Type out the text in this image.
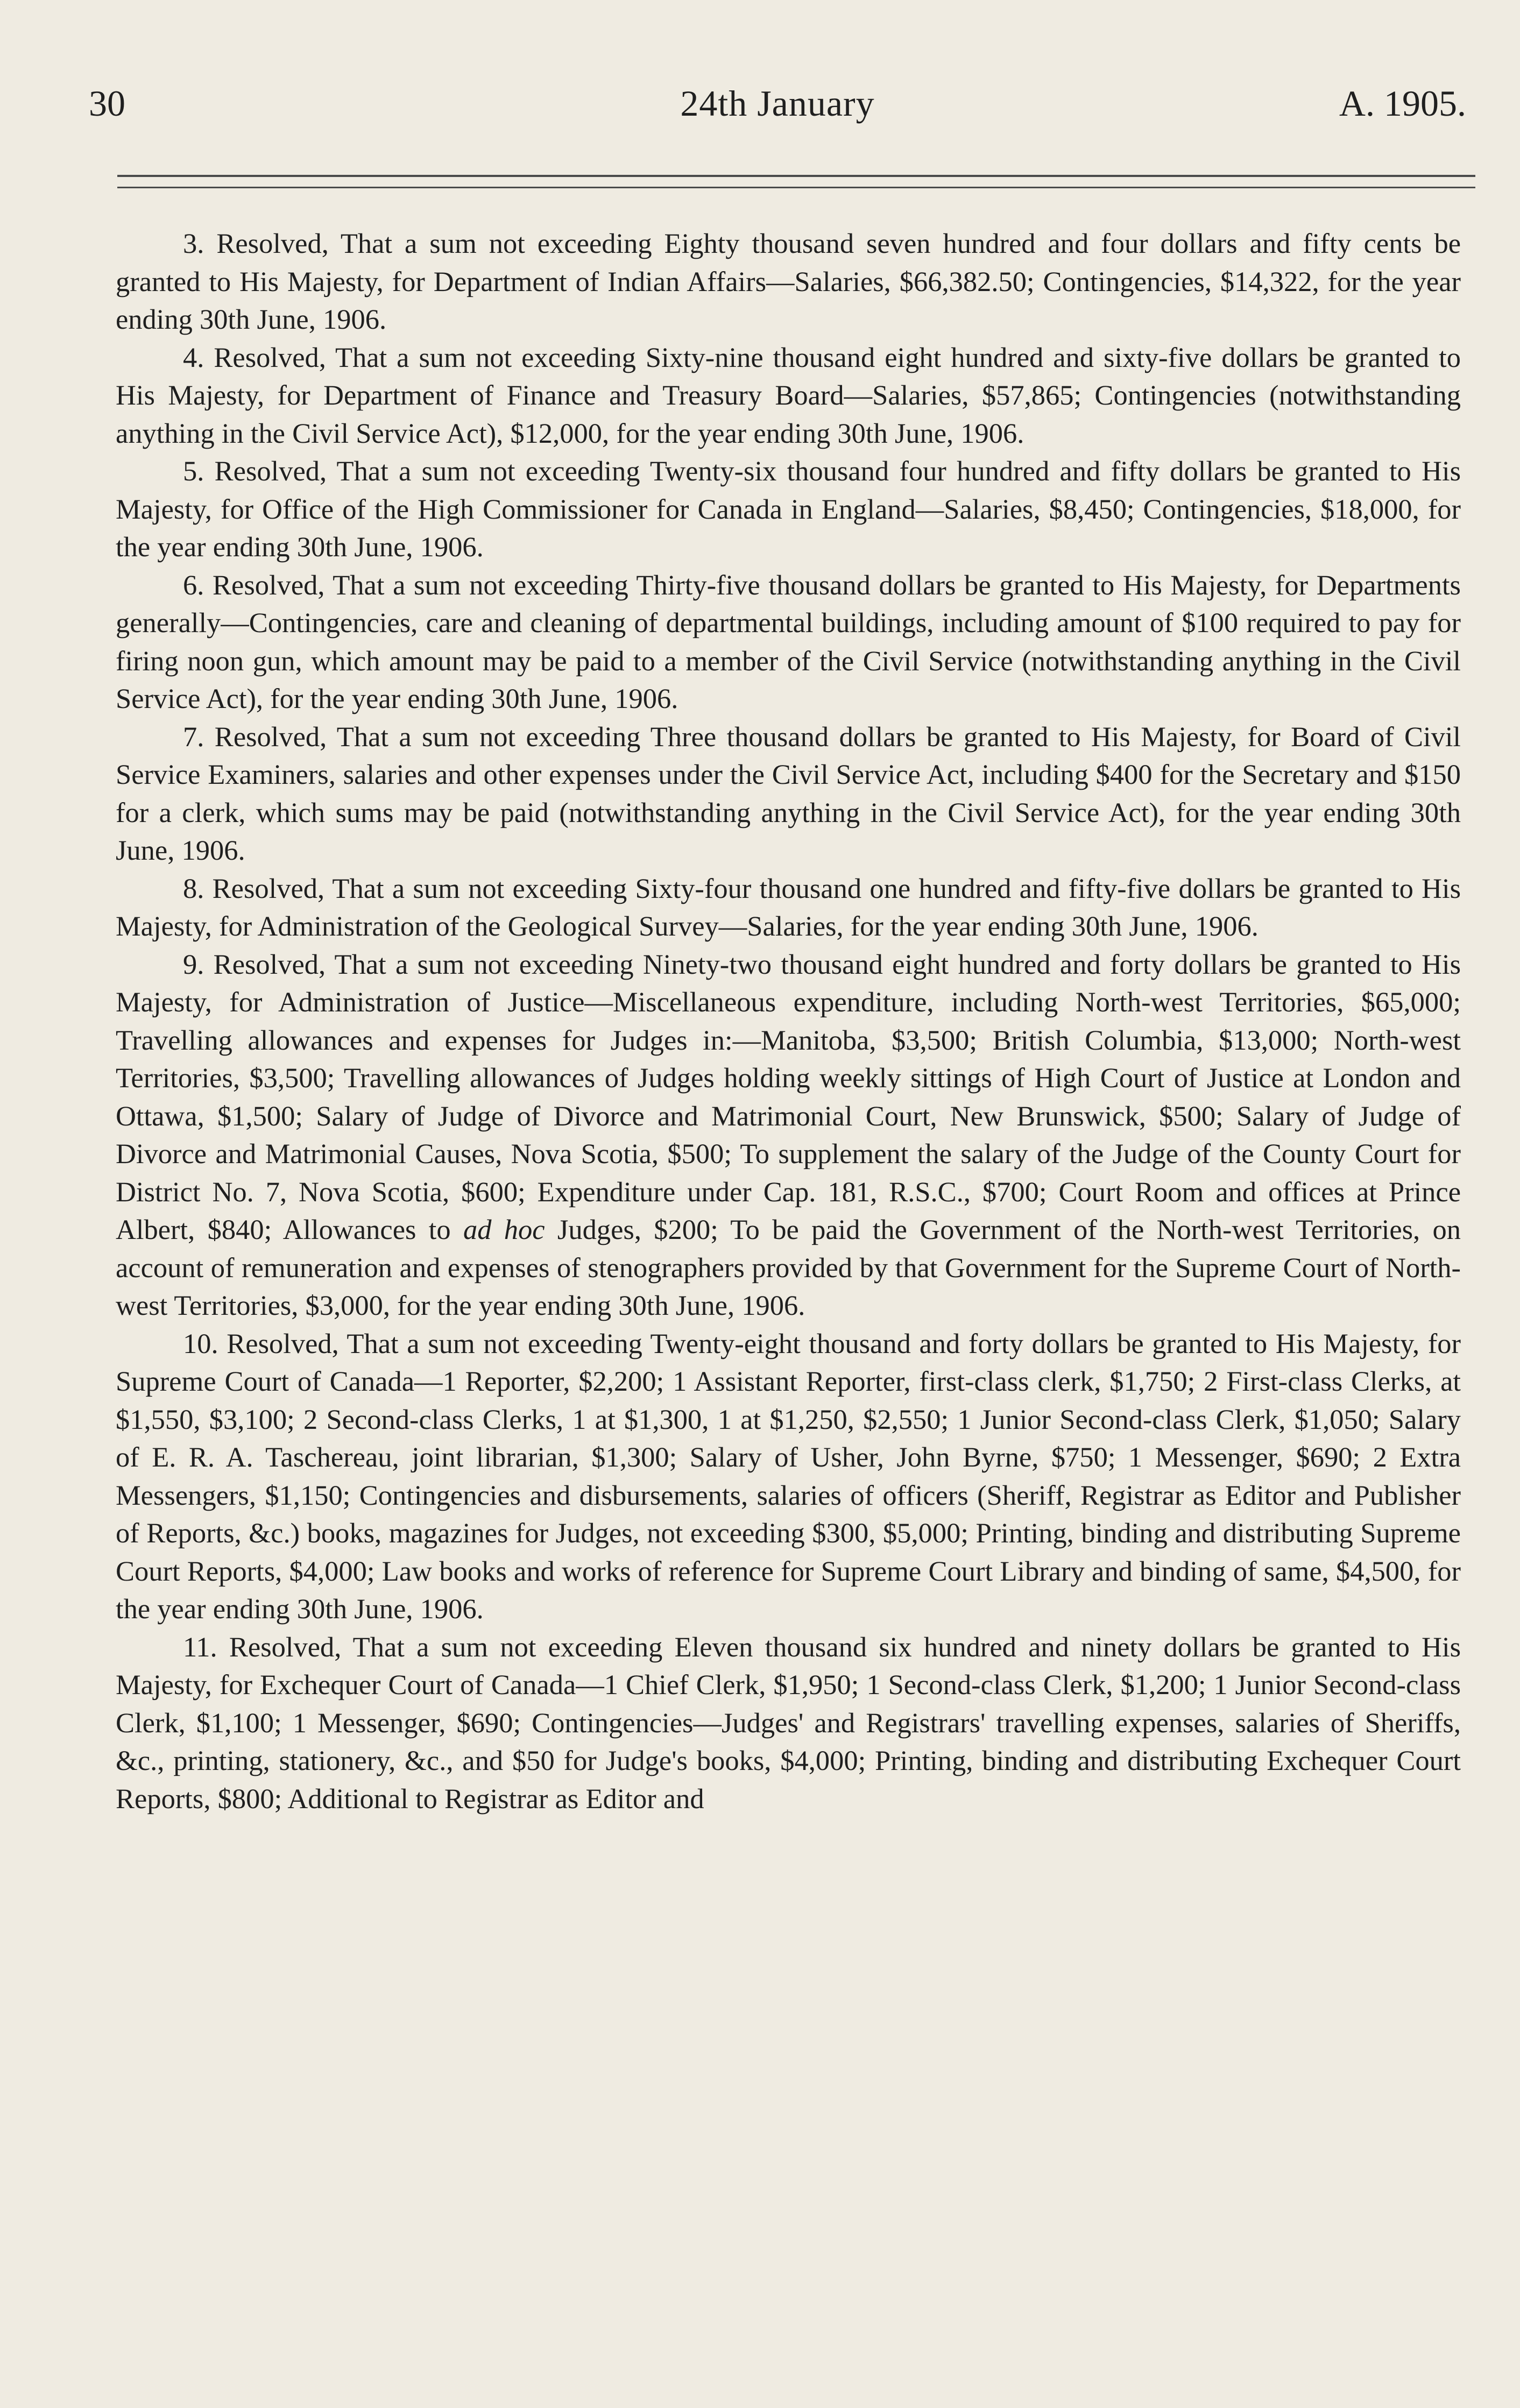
30	24th January	A. 1905.

3. Resolved, That a sum not exceeding Eighty thousand seven hundred and four dollars and fifty cents be granted to His Majesty, for Department of Indian Affairs—Salaries, $66,382.50; Contingencies, $14,322, for the year ending 30th June, 1906.

4. Resolved, That a sum not exceeding Sixty-nine thousand eight hundred and sixty-five dollars be granted to His Majesty, for Department of Finance and Treasury Board—Salaries, $57,865; Contingencies (notwithstanding anything in the Civil Service Act), $12,000, for the year ending 30th June, 1906.

5. Resolved, That a sum not exceeding Twenty-six thousand four hundred and fifty dollars be granted to His Majesty, for Office of the High Commissioner for Canada in England—Salaries, $8,450; Contingencies, $18,000, for the year ending 30th June, 1906.

6. Resolved, That a sum not exceeding Thirty-five thousand dollars be granted to His Majesty, for Departments generally—Contingencies, care and cleaning of departmental buildings, including amount of $100 required to pay for firing noon gun, which amount may be paid to a member of the Civil Service (notwithstanding anything in the Civil Service Act), for the year ending 30th June, 1906.

7. Resolved, That a sum not exceeding Three thousand dollars be granted to His Majesty, for Board of Civil Service Examiners, salaries and other expenses under the Civil Service Act, including $400 for the Secretary and $150 for a clerk, which sums may be paid (notwithstanding anything in the Civil Service Act), for the year ending 30th June, 1906.

8. Resolved, That a sum not exceeding Sixty-four thousand one hundred and fifty-five dollars be granted to His Majesty, for Administration of the Geological Survey—Salaries, for the year ending 30th June, 1906.

9. Resolved, That a sum not exceeding Ninety-two thousand eight hundred and forty dollars be granted to His Majesty, for Administration of Justice—Miscellaneous expenditure, including North-west Territories, $65,000; Travelling allowances and expenses for Judges in:—Manitoba, $3,500; British Columbia, $13,000; North-west Territories, $3,500; Travelling allowances of Judges holding weekly sittings of High Court of Justice at London and Ottawa, $1,500; Salary of Judge of Divorce and Matrimonial Court, New Brunswick, $500; Salary of Judge of Divorce and Matrimonial Causes, Nova Scotia, $500; To supplement the salary of the Judge of the County Court for District No. 7, Nova Scotia, $600; Expenditure under Cap. 181, R.S.C., $700; Court Room and offices at Prince Albert, $840; Allowances to ad hoc Judges, $200; To be paid the Government of the North-west Territories, on account of remuneration and expenses of stenographers provided by that Government for the Supreme Court of North-west Territories, $3,000, for the year ending 30th June, 1906.

10. Resolved, That a sum not exceeding Twenty-eight thousand and forty dollars be granted to His Majesty, for Supreme Court of Canada—1 Reporter, $2,200; 1 Assistant Reporter, first-class clerk, $1,750; 2 First-class Clerks, at $1,550, $3,100; 2 Second-class Clerks, 1 at $1,300, 1 at $1,250, $2,550; 1 Junior Second-class Clerk, $1,050; Salary of E. R. A. Taschereau, joint librarian, $1,300; Salary of Usher, John Byrne, $750; 1 Messenger, $690; 2 Extra Messengers, $1,150; Contingencies and disbursements, salaries of officers (Sheriff, Registrar as Editor and Publisher of Reports, &c.) books, magazines for Judges, not exceeding $300, $5,000; Printing, binding and distributing Supreme Court Reports, $4,000; Law books and works of reference for Supreme Court Library and binding of same, $4,500, for the year ending 30th June, 1906.

11. Resolved, That a sum not exceeding Eleven thousand six hundred and ninety dollars be granted to His Majesty, for Exchequer Court of Canada—1 Chief Clerk, $1,950; 1 Second-class Clerk, $1,200; 1 Junior Second-class Clerk, $1,100; 1 Messenger, $690; Contingencies—Judges' and Registrars' travelling expenses, salaries of Sheriffs, &c., printing, stationery, &c., and $50 for Judge's books, $4,000; Printing, binding and distributing Exchequer Court Reports, $800; Additional to Registrar as Editor and
